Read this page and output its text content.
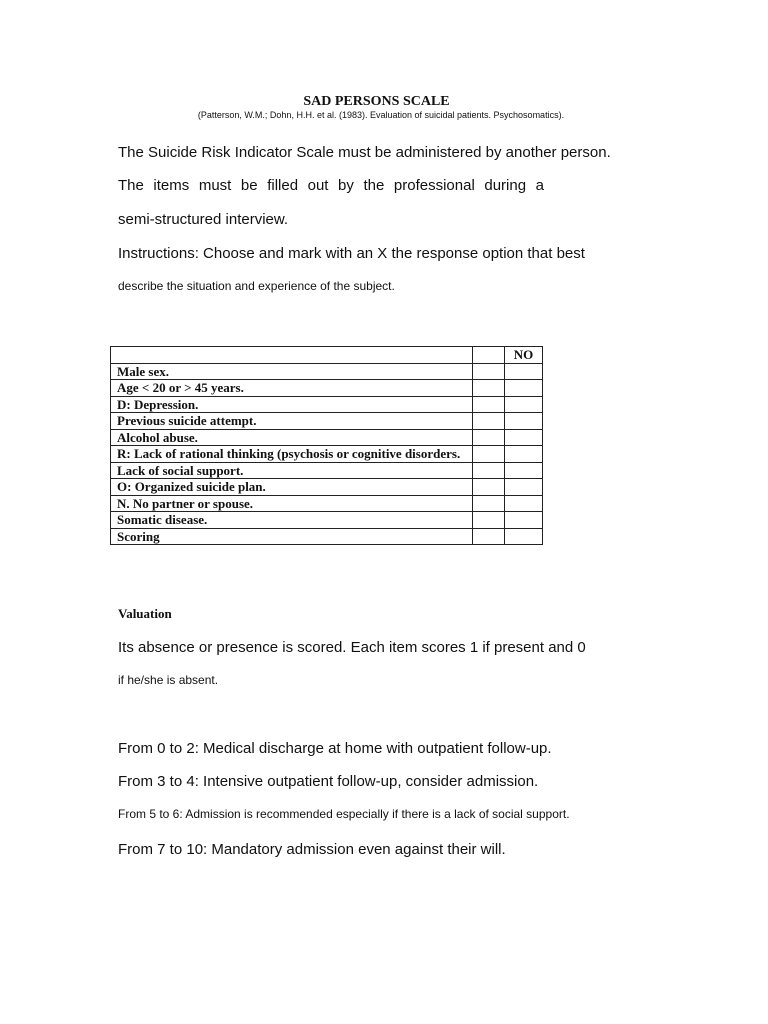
SAD PERSONS SCALE
(Patterson, W.M.; Dohn, H.H. et al. (1983). Evaluation of suicidal patients. Psychosomatics).
The Suicide Risk Indicator Scale must be administered by another person.
The items must be filled out by the professional during a
semi-structured interview.
Instructions: Choose and mark with an X the response option that best
describe the situation and experience of the subject.
		NO
Male sex.		
Age < 20 or > 45 years.		
D: Depression.		
Previous suicide attempt.		
Alcohol abuse.		
R: Lack of rational thinking (psychosis or cognitive disorders.		
Lack of social support.		
O: Organized suicide plan.		
N. No partner or spouse.		
Somatic disease.		
Scoring		
Valuation
Its absence or presence is scored. Each item scores 1 if present and 0
if he/she is absent.
From 0 to 2: Medical discharge at home with outpatient follow-up.
From 3 to 4: Intensive outpatient follow-up, consider admission.
From 5 to 6: Admission is recommended especially if there is a lack of social support.
From 7 to 10: Mandatory admission even against their will.
